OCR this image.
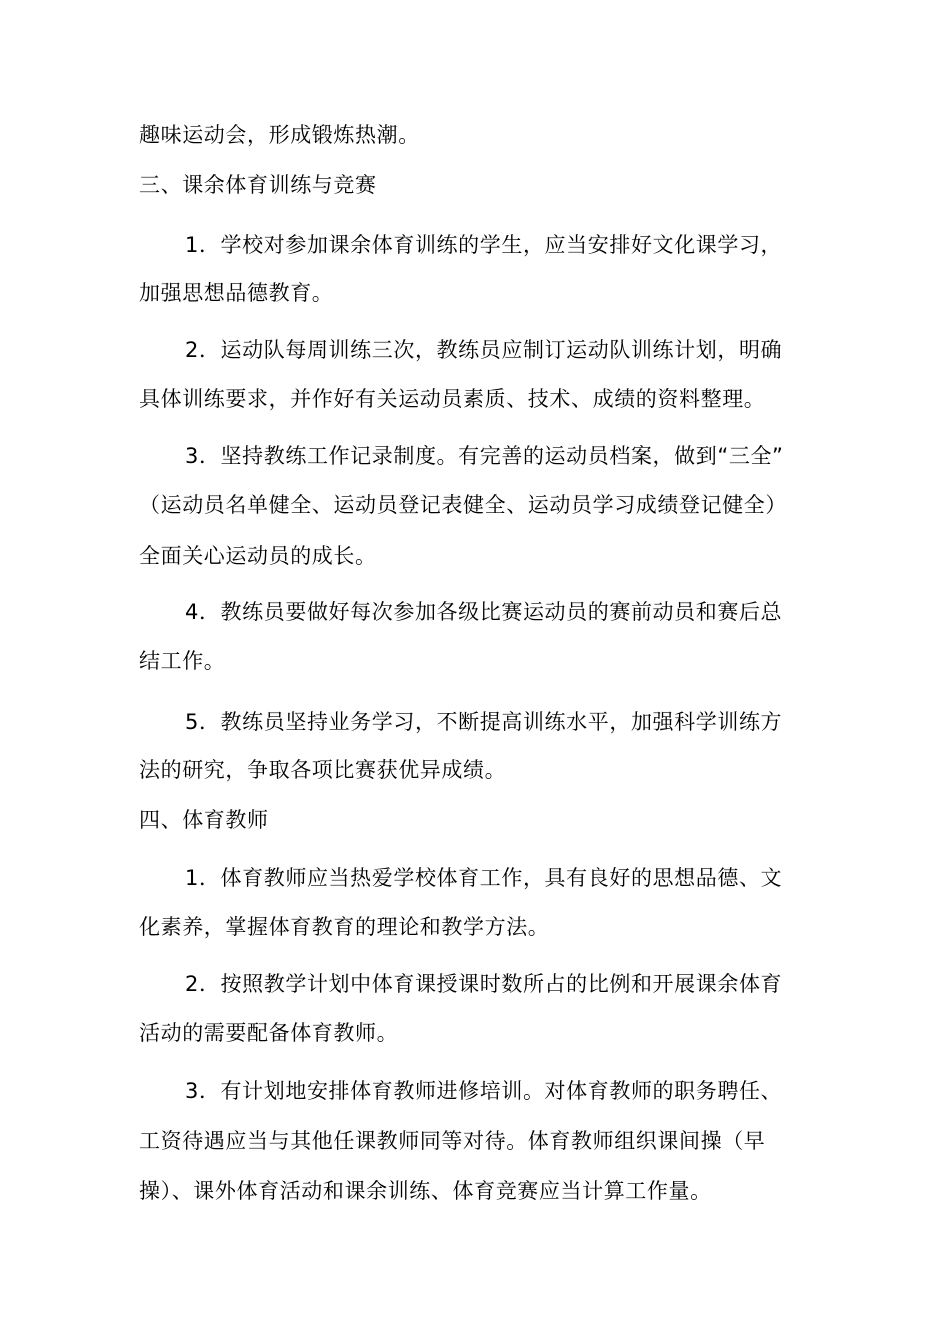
趣味运动会，形成锻炼热潮。
三、课余体育训练与竞赛
1．学校对参加课余体育训练的学生，应当安排好文化课学习，
加强思想品德教育。
2．运动队每周训练三次，教练员应制订运动队训练计划，明确
具体训练要求，并作好有关运动员素质、技术、成绩的资料整理。
3．坚持教练工作记录制度。有完善的运动员档案，做到“三全”
（运动员名单健全、运动员登记表健全、运动员学习成绩登记健全）
全面关心运动员的成长。
4．教练员要做好每次参加各级比赛运动员的赛前动员和赛后总
结工作。
5．教练员坚持业务学习，不断提高训练水平，加强科学训练方
法的研究，争取各项比赛获优异成绩。
四、体育教师
1．体育教师应当热爱学校体育工作，具有良好的思想品德、文
化素养，掌握体育教育的理论和教学方法。
2．按照教学计划中体育课授课时数所占的比例和开展课余体育
活动的需要配备体育教师。
3．有计划地安排体育教师进修培训。对体育教师的职务聘任、
工资待遇应当与其他任课教师同等对待。体育教师组织课间操（早
操）、课外体育活动和课余训练、体育竞赛应当计算工作量。
